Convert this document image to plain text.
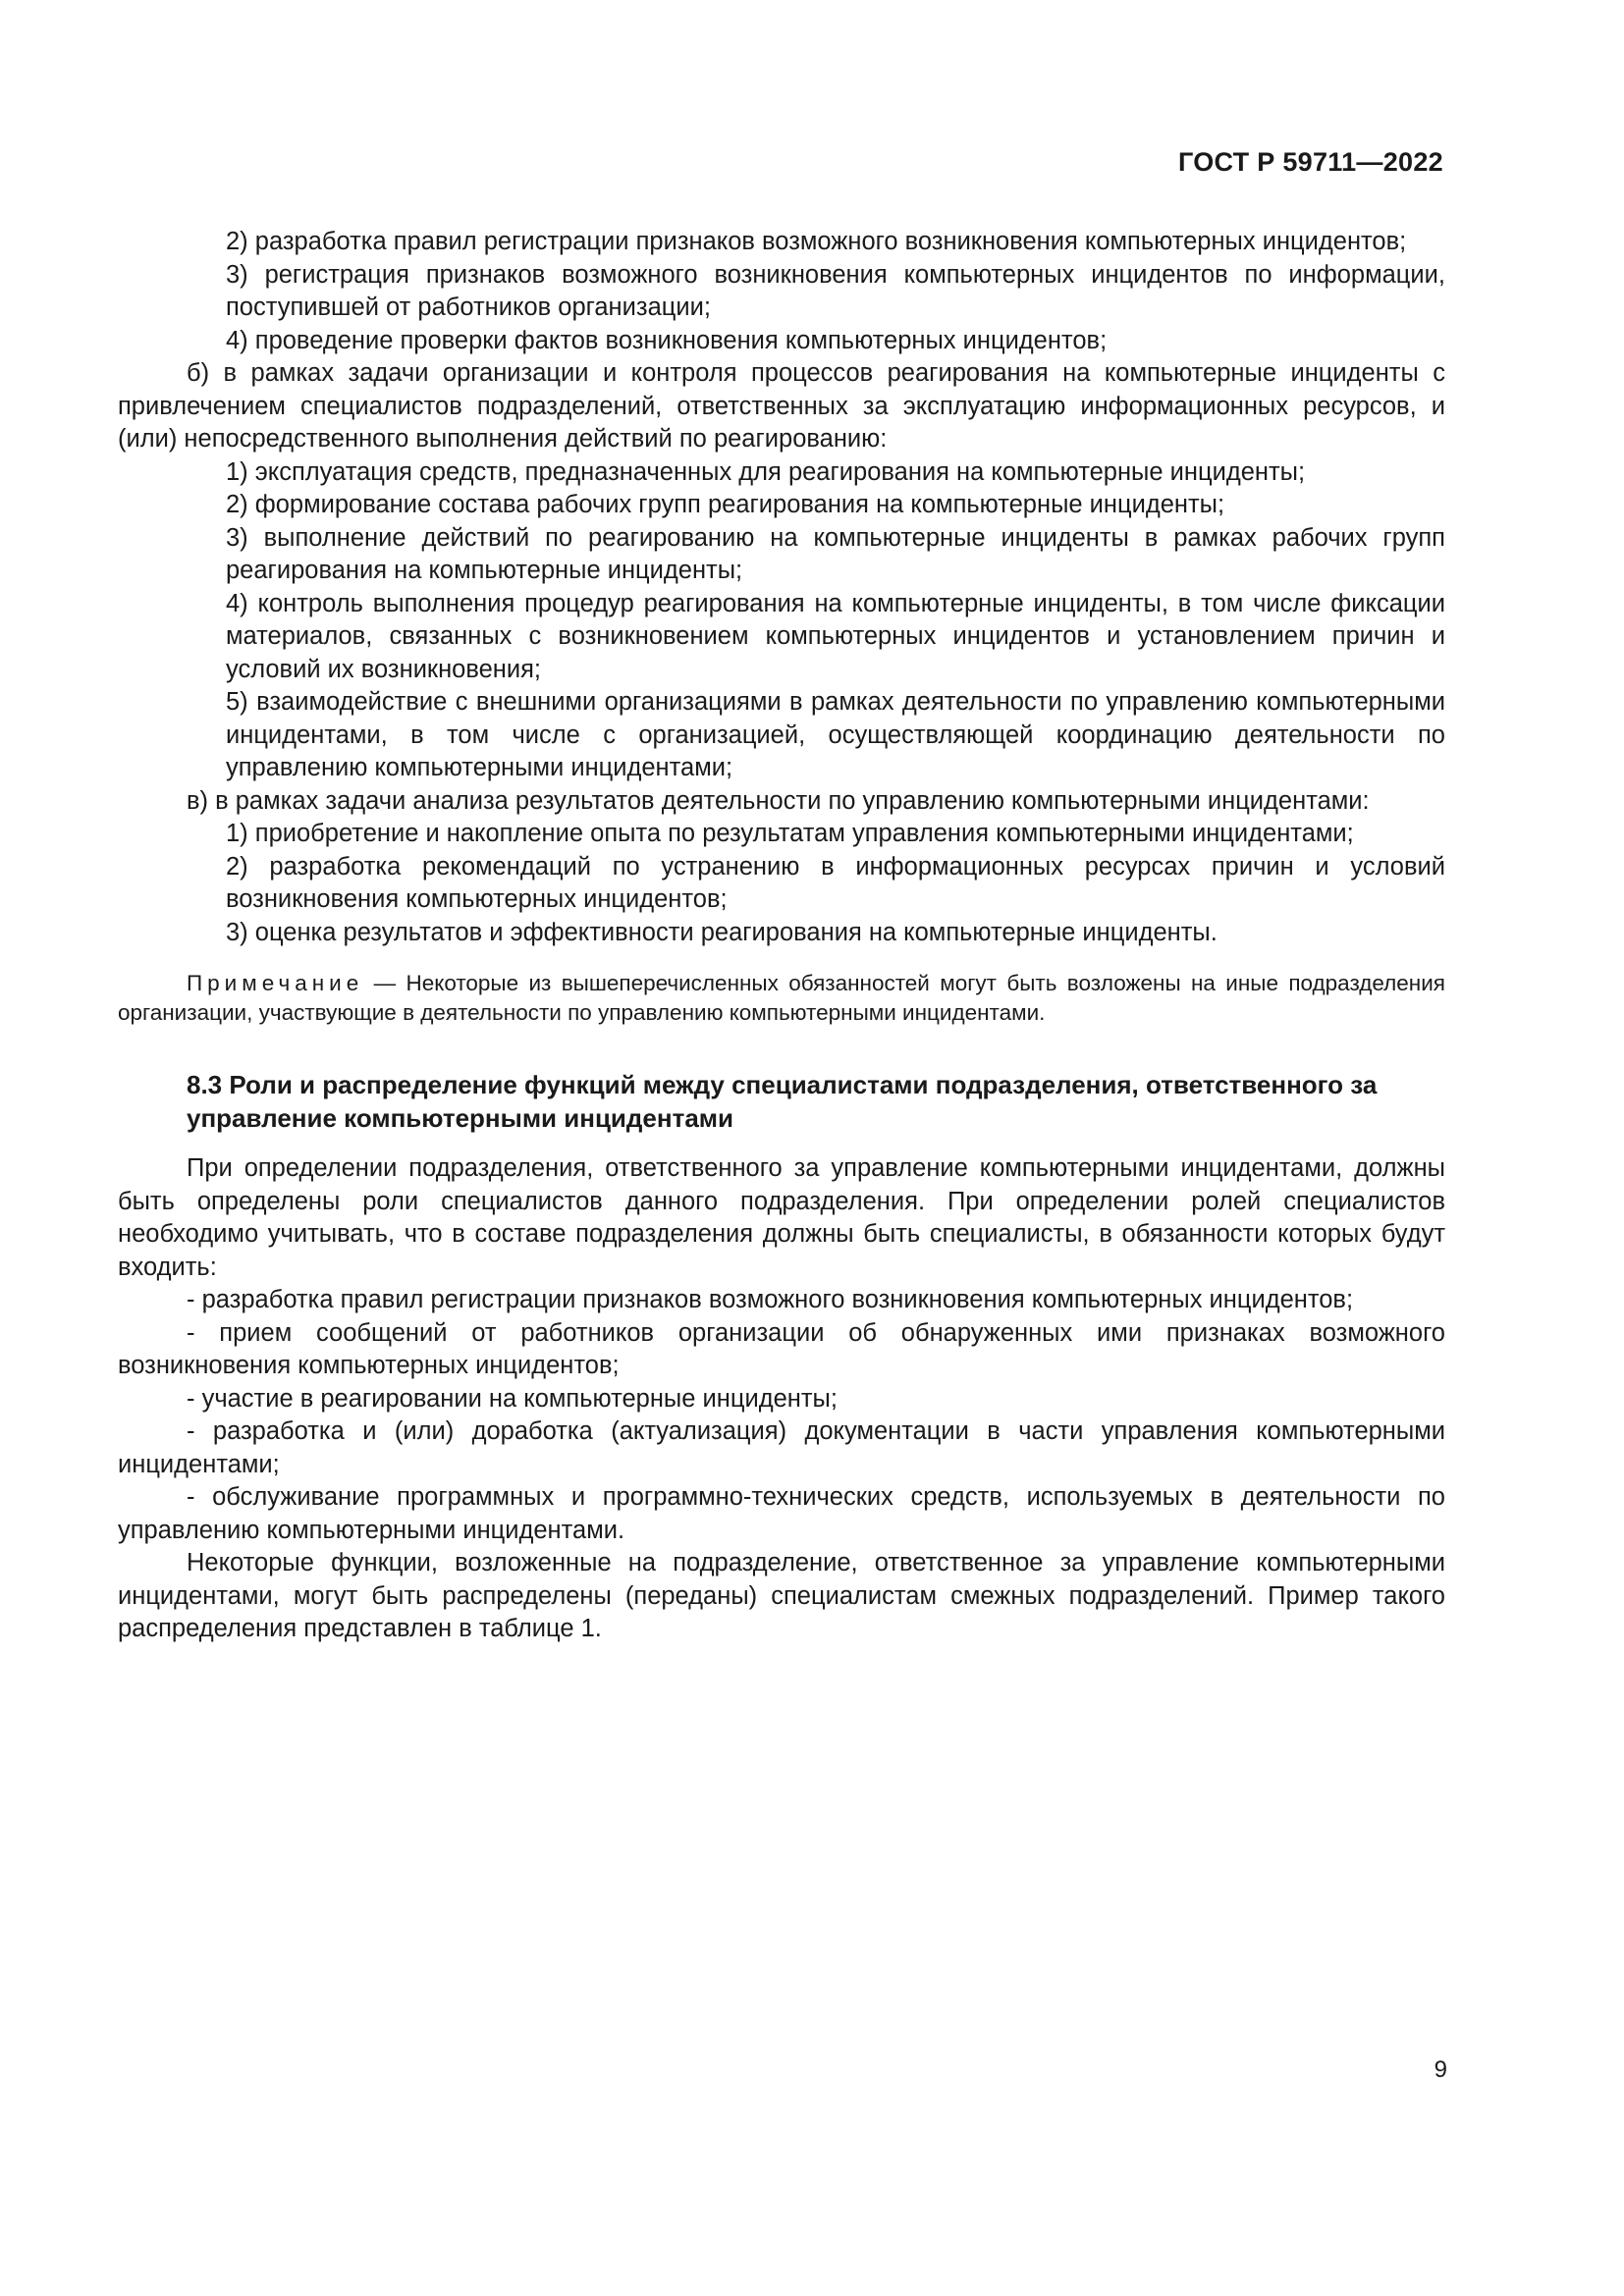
ГОСТ Р 59711—2022

2) разработка правил регистрации признаков возможного возникновения компьютерных инцидентов;

3) регистрация признаков возможного возникновения компьютерных инцидентов по информации, поступившей от работников организации;

4) проведение проверки фактов возникновения компьютерных инцидентов;

б) в рамках задачи организации и контроля процессов реагирования на компьютерные инциденты с привлечением специалистов подразделений, ответственных за эксплуатацию информационных ресурсов, и (или) непосредственного выполнения действий по реагированию:

1) эксплуатация средств, предназначенных для реагирования на компьютерные инциденты;

2) формирование состава рабочих групп реагирования на компьютерные инциденты;

3) выполнение действий по реагированию на компьютерные инциденты в рамках рабочих групп реагирования на компьютерные инциденты;

4) контроль выполнения процедур реагирования на компьютерные инциденты, в том числе фиксации материалов, связанных с возникновением компьютерных инцидентов и установлением причин и условий их возникновения;

5) взаимодействие с внешними организациями в рамках деятельности по управлению компьютерными инцидентами, в том числе с организацией, осуществляющей координацию деятельности по управлению компьютерными инцидентами;

в) в рамках задачи анализа результатов деятельности по управлению компьютерными инцидентами:

1) приобретение и накопление опыта по результатам управления компьютерными инцидентами;

2) разработка рекомендаций по устранению в информационных ресурсах причин и условий возникновения компьютерных инцидентов;

3) оценка результатов и эффективности реагирования на компьютерные инциденты.

Примечание — Некоторые из вышеперечисленных обязанностей могут быть возложены на иные подразделения организации, участвующие в деятельности по управлению компьютерными инцидентами.

8.3 Роли и распределение функций между специалистами подразделения, ответственного за управление компьютерными инцидентами

При определении подразделения, ответственного за управление компьютерными инцидентами, должны быть определены роли специалистов данного подразделения. При определении ролей специалистов необходимо учитывать, что в составе подразделения должны быть специалисты, в обязанности которых будут входить:

- разработка правил регистрации признаков возможного возникновения компьютерных инцидентов;

- прием сообщений от работников организации об обнаруженных ими признаках возможного возникновения компьютерных инцидентов;

- участие в реагировании на компьютерные инциденты;

- разработка и (или) доработка (актуализация) документации в части управления компьютерными инцидентами;

- обслуживание программных и программно-технических средств, используемых в деятельности по управлению компьютерными инцидентами.

Некоторые функции, возложенные на подразделение, ответственное за управление компьютерными инцидентами, могут быть распределены (переданы) специалистам смежных подразделений. Пример такого распределения представлен в таблице 1.

9
